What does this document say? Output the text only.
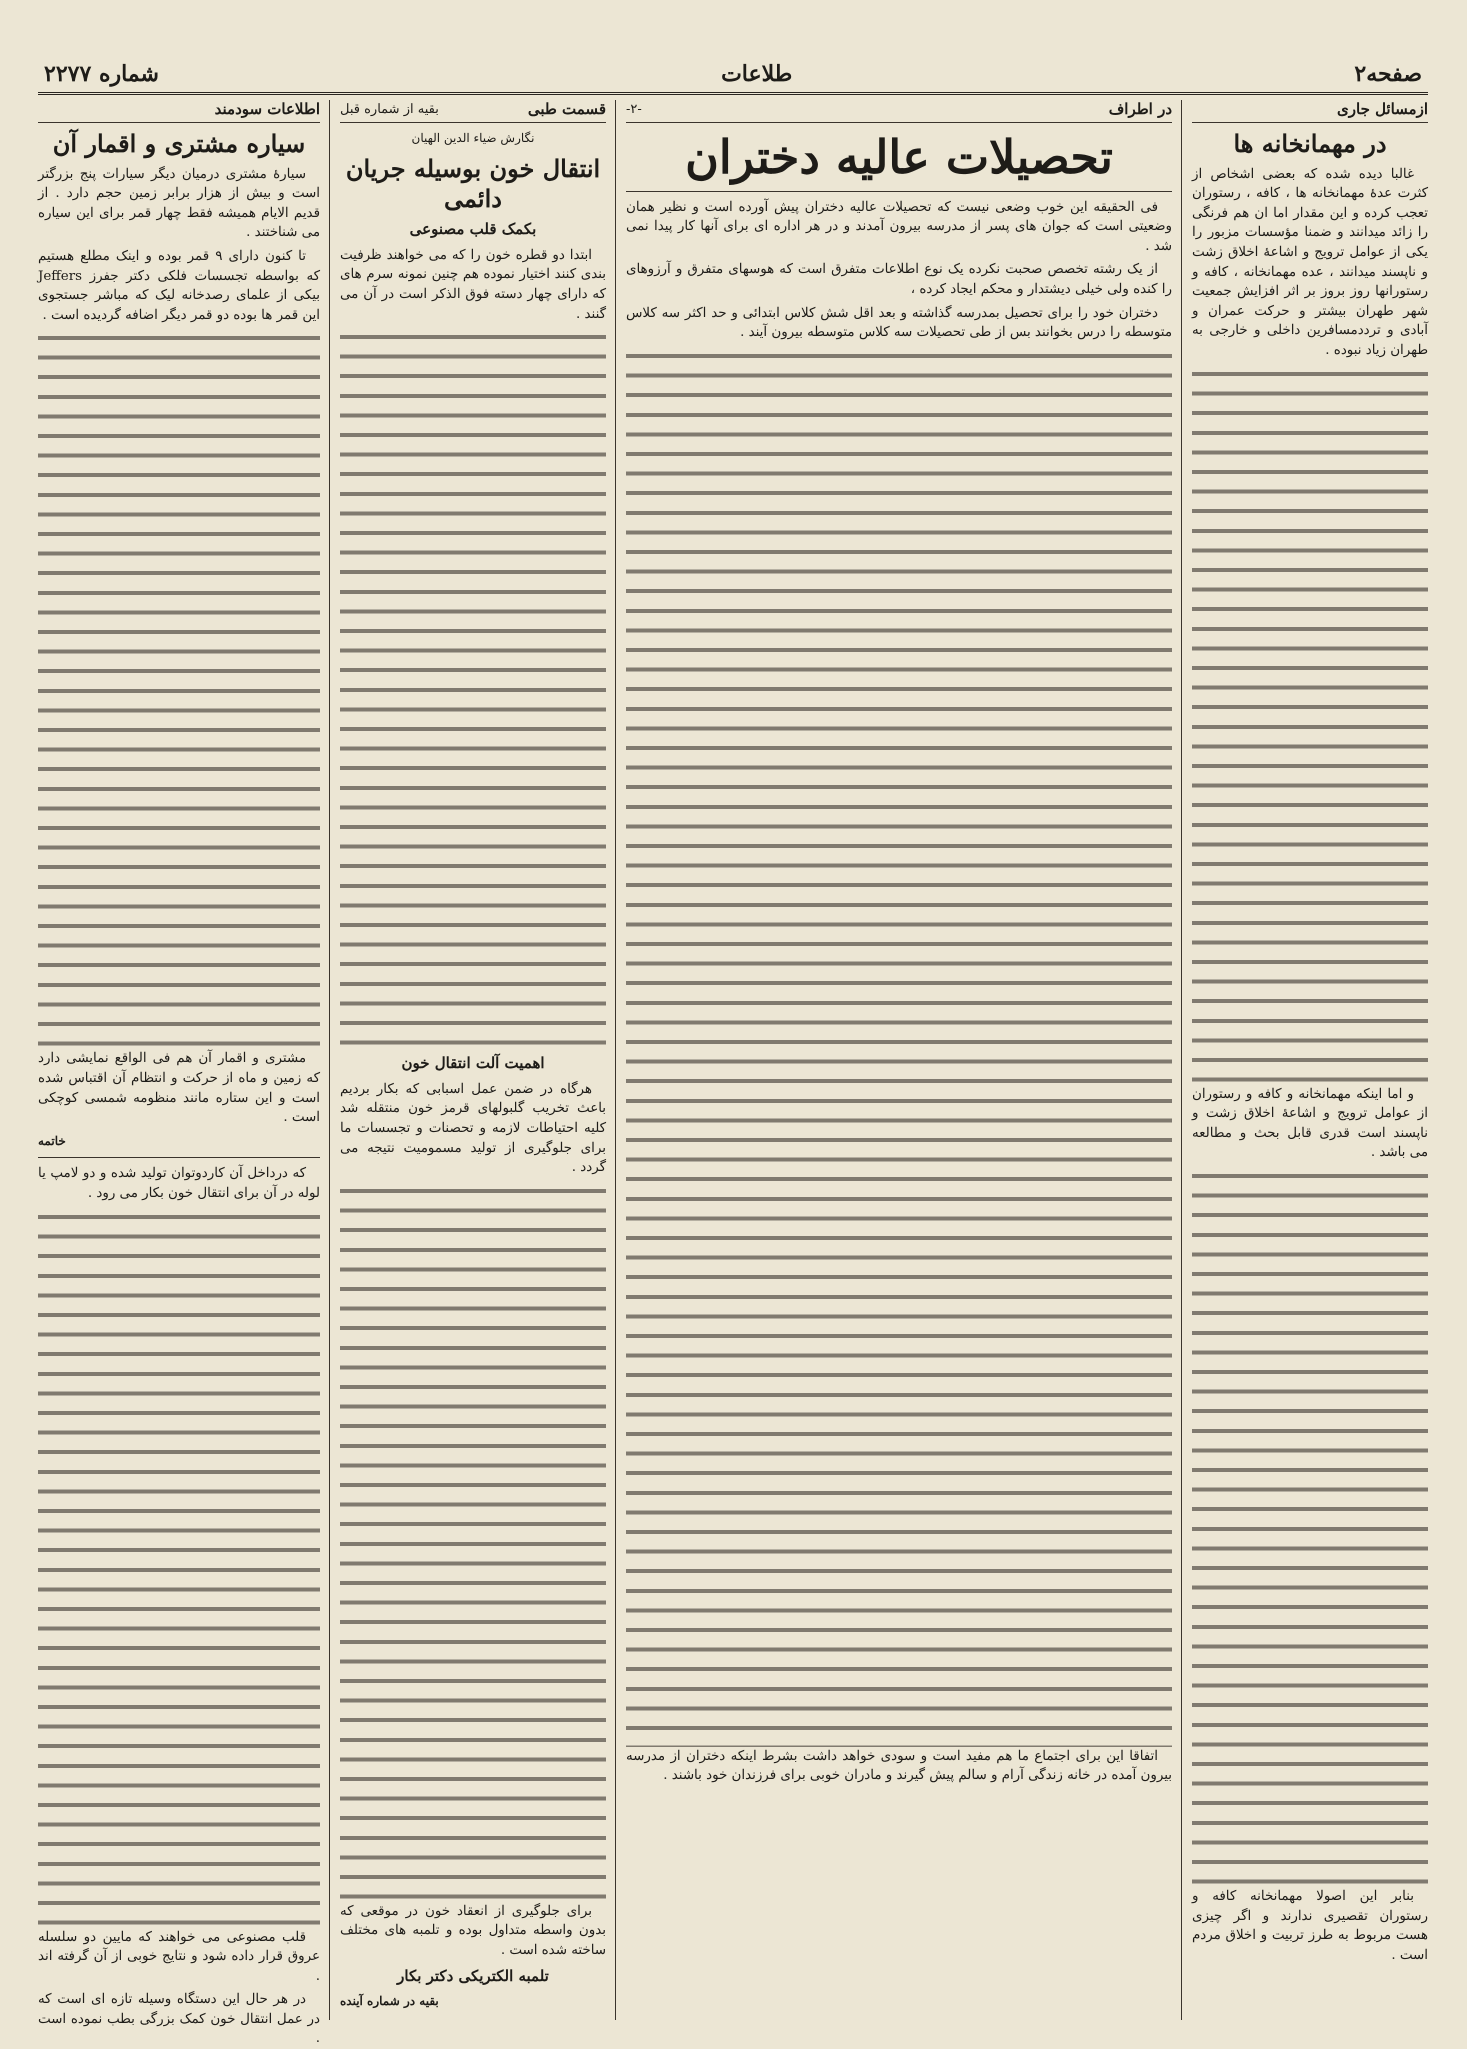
صفحه۲
طلاعات
شماره ۲۲۷۷
ازمسائل جاری
در مهمانخانه ها

غالبا دیده شده که بعضی اشخاص از کثرت عدهٔ مهمانخانه ها ، کافه ، رستوران تعجب کرده و این مقدار اما ان هم فرنگی را زائد میدانند و ضمنا مؤسسات مزبور را یکی از عوامل ترویج و اشاعهٔ اخلاق زشت و ناپسند میدانند ، عده مهمانخانه ، کافه و رستورانها روز بروز بر اثر افزایش جمعیت شهر طهران بیشتر و حرکت عمران و آبادی و ترددمسافرین داخلی و خارجی به طهران زیاد نبوده .

و اما اینکه مهمانخانه و کافه و رستوران از عوامل ترویج و اشاعهٔ اخلاق زشت و ناپسند است قدری قابل بحث و مطالعه می باشد .

بنابر این اصولا مهمانخانه کافه و رستوران تقصیری ندارند و اگر چیزی هست مربوط به طرز تربیت و اخلاق مردم است .

در اطراف
-۲-
تحصیلات عالیه دختران

فی الحقیقه این خوب وضعی نیست که تحصیلات عالیه دختران پیش آورده است و نظیر همان وضعیتی است که جوان های پسر از مدرسه بیرون آمدند و در هر اداره ای برای آنها کار پیدا نمی شد .

از یک رشته تخصص صحبت نکرده یک نوع اطلاعات متفرق است که هوسهای متفرق و آرزوهای را کنده ولی خیلی دیشتدار و محکم ایجاد کرده ،

دختران خود را برای تحصیل بمدرسه گذاشته و بعد اقل شش کلاس ابتدائی و حد اکثر سه کلاس متوسطه را درس بخوانند بس از طی تحصیلات سه کلاس متوسطه بیرون آیند .

اتفاقا این برای اجتماع ما هم مفید است و سودی خواهد داشت بشرط اینکه دختران از مدرسه بیرون آمده در خانه زندگی آرام و سالم پیش گیرند و مادران خوبی برای فرزندان خود باشند .

قسمت طبی
بقیه از شماره قبل
نگارش ضیاء الدین الهیان
انتقال خون بوسیله جریان دائمی
بکمک قلب مصنوعی

ابتدا دو قطره خون را که می خواهند ظرفیت بندی کنند اختیار نموده هم چنین نمونه سرم های که دارای چهار دسته فوق الذکر است در آن می گنند .

اهمیت آلت انتقال خون

هرگاه در ضمن عمل اسبابی که بکار بردیم باعث تخریب گلبولهای قرمز خون منتقله شد کلیه احتیاطات لازمه و تحصنات و تجسسات ما برای جلوگیری از تولید مسمومیت نتیجه می گردد .

برای جلوگیری از انعقاد خون در موقعی که بدون واسطه متداول بوده و تلمبه های مختلف ساخته شده است .

تلمبه الکتریکی دکتر بکار
بقیه در شماره آینده
اطلاعات سودمند
سیاره مشتری و اقمار آن

سیارهٔ مشتری درمیان دیگر سیارات پنج بزرگتر است و بیش از هزار برابر زمین حجم دارد . از قدیم الایام همیشه فقط چهار قمر برای این سیاره می شناختند .

تا کنون دارای ۹ قمر بوده و اینک مطلع هستیم که بواسطه تجسسات فلکی دکتر جفرز Jeffers بیکی از علمای رصدخانه لیک که مباشر جستجوی این قمر ها بوده دو قمر دیگر اضافه گردیده است .

مشتری و اقمار آن هم فی الواقع نمایشی دارد که زمین و ماه از حرکت و انتظام آن اقتباس شده است و این ستاره مانند منظومه شمسی کوچکی است .

خاتمه

که درداخل آن کاردوتوان تولید شده و دو لامپ یا لوله در آن برای انتقال خون بکار می رود .

قلب مصنوعی می خواهند که مایین دو سلسله عروق قرار داده شود و نتایج خوبی از آن گرفته اند .

در هر حال این دستگاه وسیله تازه ای است که در عمل انتقال خون کمک بزرگی بطب نموده است .
